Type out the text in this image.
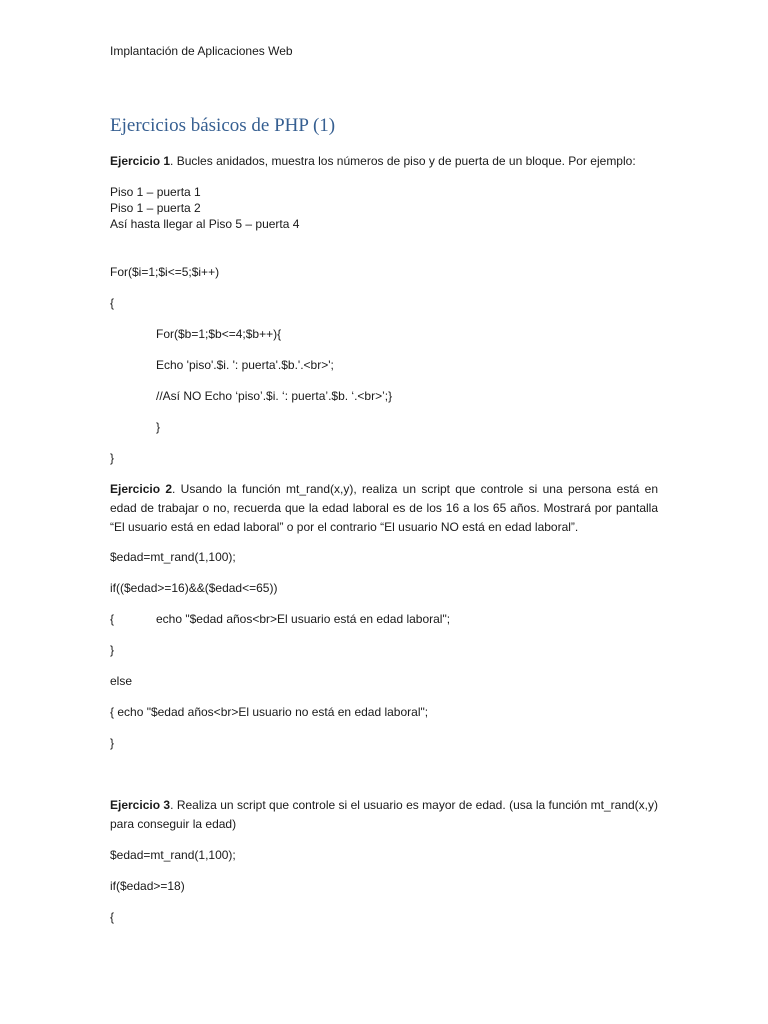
Implantación de Aplicaciones Web
Ejercicios básicos de PHP (1)
Ejercicio 1. Bucles anidados, muestra los números de piso y de puerta de un bloque. Por ejemplo:
Piso 1 – puerta 1
Piso 1 – puerta 2
Así hasta llegar al Piso 5 – puerta 4
For($i=1;$i<=5;$i++)
{
For($b=1;$b<=4;$b++){
Echo 'piso'.$i. ': puerta'.$b.'.<br>';
//Así NO Echo ‘piso’.$i. ‘: puerta’.$b. ‘.<br>’;}
}
}
Ejercicio 2. Usando la función mt_rand(x,y), realiza un script que controle si una persona está en edad de trabajar o no, recuerda que la edad laboral es de los 16 a los 65 años. Mostrará por pantalla “El usuario está en edad laboral” o por el contrario “El usuario NO está en edad laboral”.
$edad=mt_rand(1,100);
if(($edad>=16)&&($edad<=65))
{	echo "$edad años<br>El usuario está en edad laboral";
}
else
{ echo "$edad años<br>El usuario no está en edad laboral";
}
Ejercicio 3. Realiza un script que controle si el usuario es mayor de edad. (usa la función mt_rand(x,y) para conseguir la edad)
$edad=mt_rand(1,100);
if($edad>=18)
{
